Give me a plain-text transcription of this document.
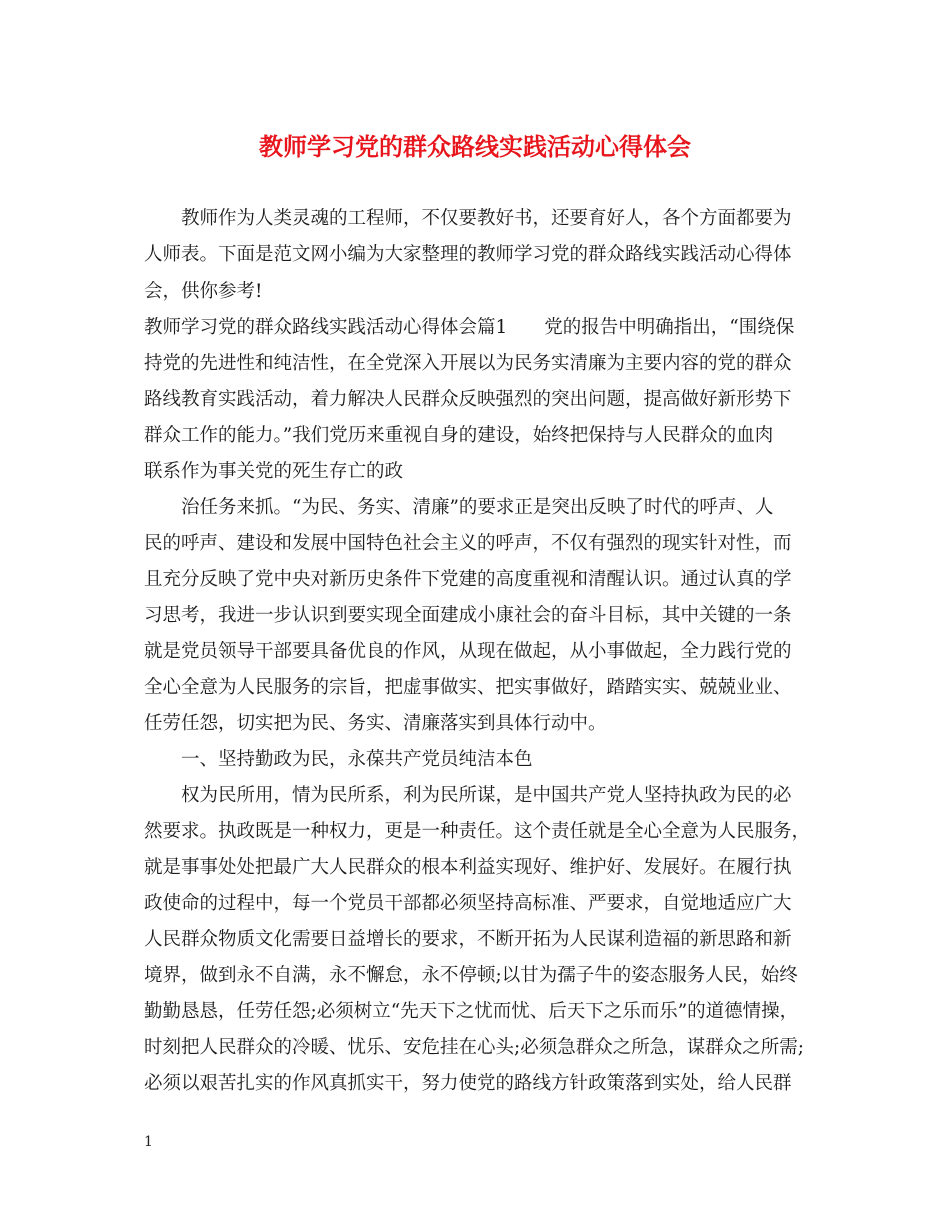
教师学习党的群众路线实践活动心得体会

教师作为人类灵魂的工程师，不仅要教好书，还要育好人，各个方面都要为

人师表。下面是范文网小编为大家整理的教师学习党的群众路线实践活动心得体

会，供你参考!

教师学习党的群众路线实践活动心得体会篇1　　党的报告中明确指出，“围绕保

持党的先进性和纯洁性，在全党深入开展以为民务实清廉为主要内容的党的群众

路线教育实践活动，着力解决人民群众反映强烈的突出问题，提高做好新形势下

群众工作的能力。”我们党历来重视自身的建设，始终把保持与人民群众的血肉

联系作为事关党的死生存亡的政

治任务来抓。“为民、务实、清廉”的要求正是突出反映了时代的呼声、人

民的呼声、建设和发展中国特色社会主义的呼声，不仅有强烈的现实针对性，而

且充分反映了党中央对新历史条件下党建的高度重视和清醒认识。通过认真的学

习思考，我进一步认识到要实现全面建成小康社会的奋斗目标，其中关键的一条

就是党员领导干部要具备优良的作风，从现在做起，从小事做起，全力践行党的

全心全意为人民服务的宗旨，把虚事做实、把实事做好，踏踏实实、兢兢业业、

任劳任怨，切实把为民、务实、清廉落实到具体行动中。

一、坚持勤政为民，永葆共产党员纯洁本色

权为民所用，情为民所系，利为民所谋，是中国共产党人坚持执政为民的必

然要求。执政既是一种权力，更是一种责任。这个责任就是全心全意为人民服务，

就是事事处处把最广大人民群众的根本利益实现好、维护好、发展好。在履行执

政使命的过程中，每一个党员干部都必须坚持高标准、严要求，自觉地适应广大

人民群众物质文化需要日益增长的要求，不断开拓为人民谋利造福的新思路和新

境界，做到永不自满，永不懈怠，永不停顿;以甘为孺子牛的姿态服务人民，始终

勤勤恳恳，任劳任怨;必须树立“先天下之忧而忧、后天下之乐而乐”的道德情操，

时刻把人民群众的冷暖、忧乐、安危挂在心头;必须急群众之所急，谋群众之所需;

必须以艰苦扎实的作风真抓实干，努力使党的路线方针政策落到实处，给人民群

1
